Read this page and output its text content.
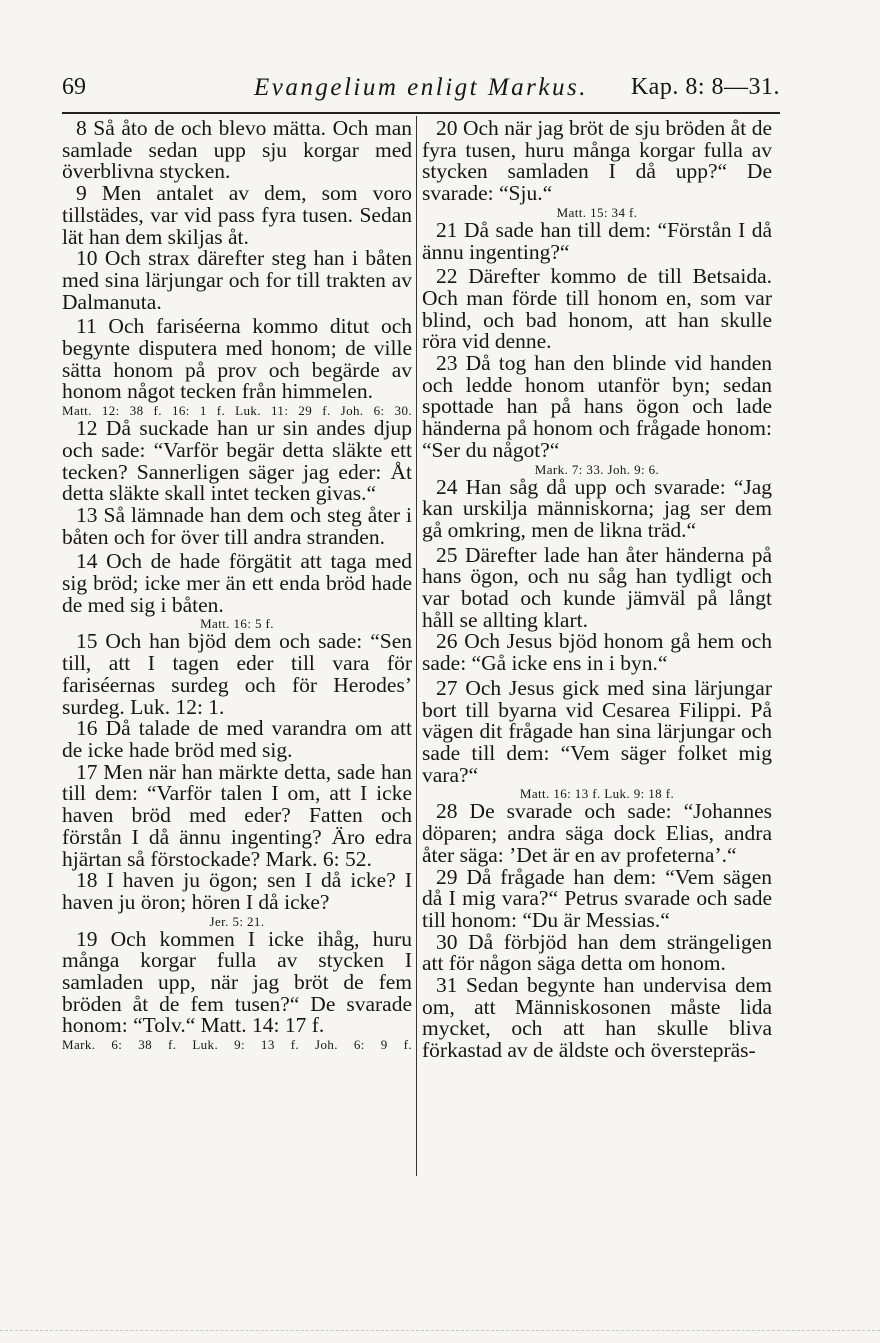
69	Evangelium enligt Markus.	Kap. 8: 8—31.

8 Så åto de och blevo mätta. Och man samlade sedan upp sju korgar med överblivna stycken.

9 Men antalet av dem, som voro tillstädes, var vid pass fyra tusen. Sedan lät han dem skiljas åt.

10 Och strax därefter steg han i båten med sina lärjungar och for till trakten av Dalmanuta.

11 Och fariséerna kommo ditut och begynte disputera med honom; de ville sätta honom på prov och begärde av honom något tecken från himmelen.

Matt. 12: 38 f. 16: 1 f. Luk. 11: 29 f. Joh. 6: 30.

12 Då suckade han ur sin andes djup och sade: “Varför begär detta släkte ett tecken? Sannerligen säger jag eder: Åt detta släkte skall intet tecken givas.“

13 Så lämnade han dem och steg åter i båten och for över till andra stranden.

14 Och de hade förgätit att taga med sig bröd; icke mer än ett enda bröd hade de med sig i båten.

Matt. 16: 5 f.

15 Och han bjöd dem och sade: “Sen till, att I tagen eder till vara för fariséernas surdeg och för Herodes’ surdeg. Luk. 12: 1.

16 Då talade de med varandra om att de icke hade bröd med sig.

17 Men när han märkte detta, sade han till dem: “Varför talen I om, att I icke haven bröd med eder? Fatten och förstån I då ännu ingenting? Äro edra hjärtan så förstockade? Mark. 6: 52.

18 I haven ju ögon; sen I då icke? I haven ju öron; hören I då icke?

Jer. 5: 21.

19 Och kommen I icke ihåg, huru många korgar fulla av stycken I samladen upp, när jag bröt de fem bröden åt de fem tusen?“ De svarade honom: “Tolv.“ Matt. 14: 17 f.

Mark. 6: 38 f. Luk. 9: 13 f. Joh. 6: 9 f.

20 Och när jag bröt de sju bröden åt de fyra tusen, huru många korgar fulla av stycken samladen I då upp?“ De svarade: “Sju.“

Matt. 15: 34 f.

21 Då sade han till dem: “Förstån I då ännu ingenting?“

22 Därefter kommo de till Betsaida. Och man förde till honom en, som var blind, och bad honom, att han skulle röra vid denne.

23 Då tog han den blinde vid handen och ledde honom utanför byn; sedan spottade han på hans ögon och lade händerna på honom och frågade honom: “Ser du något?“

Mark. 7: 33. Joh. 9: 6.

24 Han såg då upp och svarade: “Jag kan urskilja människorna; jag ser dem gå omkring, men de likna träd.“

25 Därefter lade han åter händerna på hans ögon, och nu såg han tydligt och var botad och kunde jämväl på långt håll se allting klart.

26 Och Jesus bjöd honom gå hem och sade: “Gå icke ens in i byn.“

27 Och Jesus gick med sina lärjungar bort till byarna vid Cesarea Filippi. På vägen dit frågade han sina lärjungar och sade till dem: “Vem säger folket mig vara?“

Matt. 16: 13 f. Luk. 9: 18 f.

28 De svarade och sade: “Johannes döparen; andra säga dock Elias, andra åter säga: ’Det är en av profeterna’.“

29 Då frågade han dem: “Vem sägen då I mig vara?“ Petrus svarade och sade till honom: “Du är Messias.“

30 Då förbjöd han dem strängeligen att för någon säga detta om honom.

31 Sedan begynte han undervisa dem om, att Människosonen måste lida mycket, och att han skulle bliva förkastad av de äldste och överstepräs-
